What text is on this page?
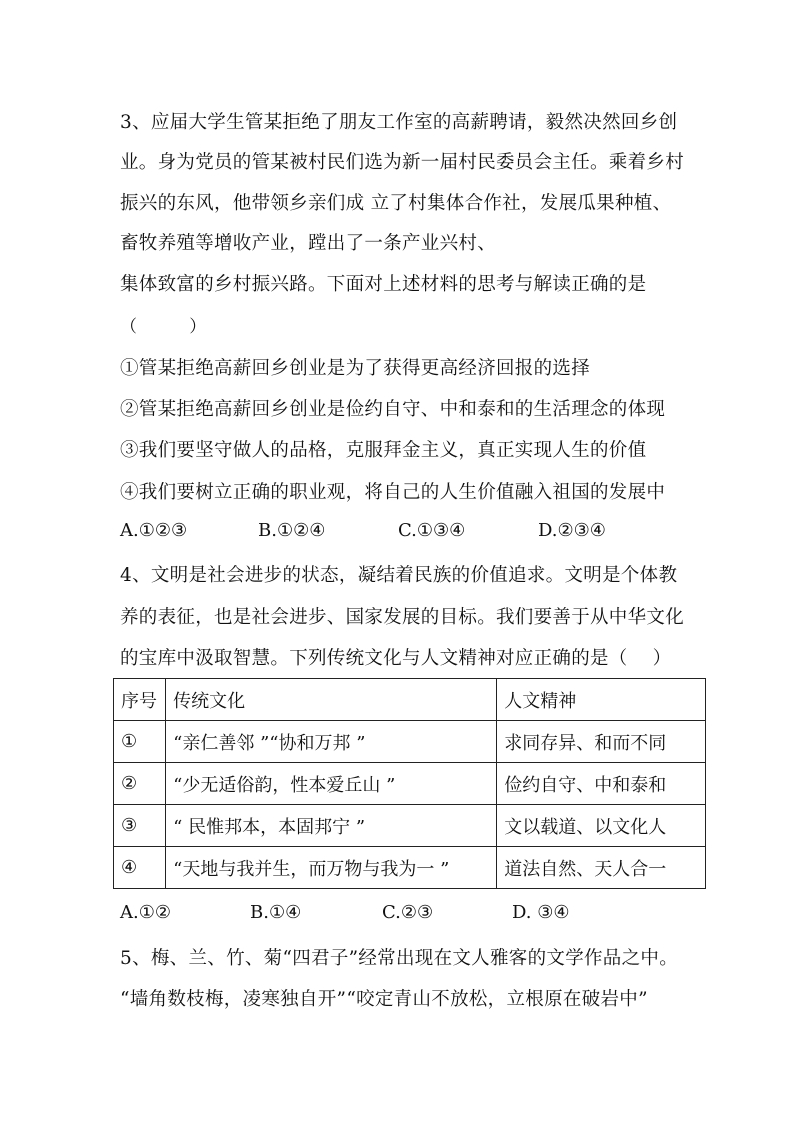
3、应届大学生管某拒绝了朋友工作室的高薪聘请，毅然决然回乡创
业。身为党员的管某被村民们选为新一届村民委员会主任。乘着乡村
振兴的东风，他带领乡亲们成 立了村集体合作社，发展瓜果种植、
畜牧养殖等增收产业，蹚出了一条产业兴村、
集体致富的乡村振兴路。下面对上述材料的思考与解读正确的是
（　　　）
①管某拒绝高薪回乡创业是为了获得更高经济回报的选择
②管某拒绝高薪回乡创业是俭约自守、中和泰和的生活理念的体现
③我们要坚守做人的品格，克服拜金主义，真正实现人生的价值
④我们要树立正确的职业观，将自己的人生价值融入祖国的发展中
A.①②③	B.①②④	C.①③④	D.②③④
4、文明是社会进步的状态，凝结着民族的价值追求。文明是个体教
养的表征，也是社会进步、国家发展的目标。我们要善于从中华文化
的宝库中汲取智慧。下列传统文化与人文精神对应正确的是（　 ）
序号	传统文化	人文精神
①	“亲仁善邻 ”“协和万邦 ”	求同存异、和而不同
②	“少无适俗韵，性本爱丘山 ”	俭约自守、中和泰和
③	“ 民惟邦本，本固邦宁 ”	文以载道、以文化人
④	“天地与我并生，而万物与我为一 ”	道法自然、天人合一
A.①②	B.①④	C.②③	D. ③④
5、梅、兰、竹、菊“四君子”经常出现在文人雅客的文学作品之中。
“墙角数枝梅，凌寒独自开”“咬定青山不放松，立根原在破岩中”
